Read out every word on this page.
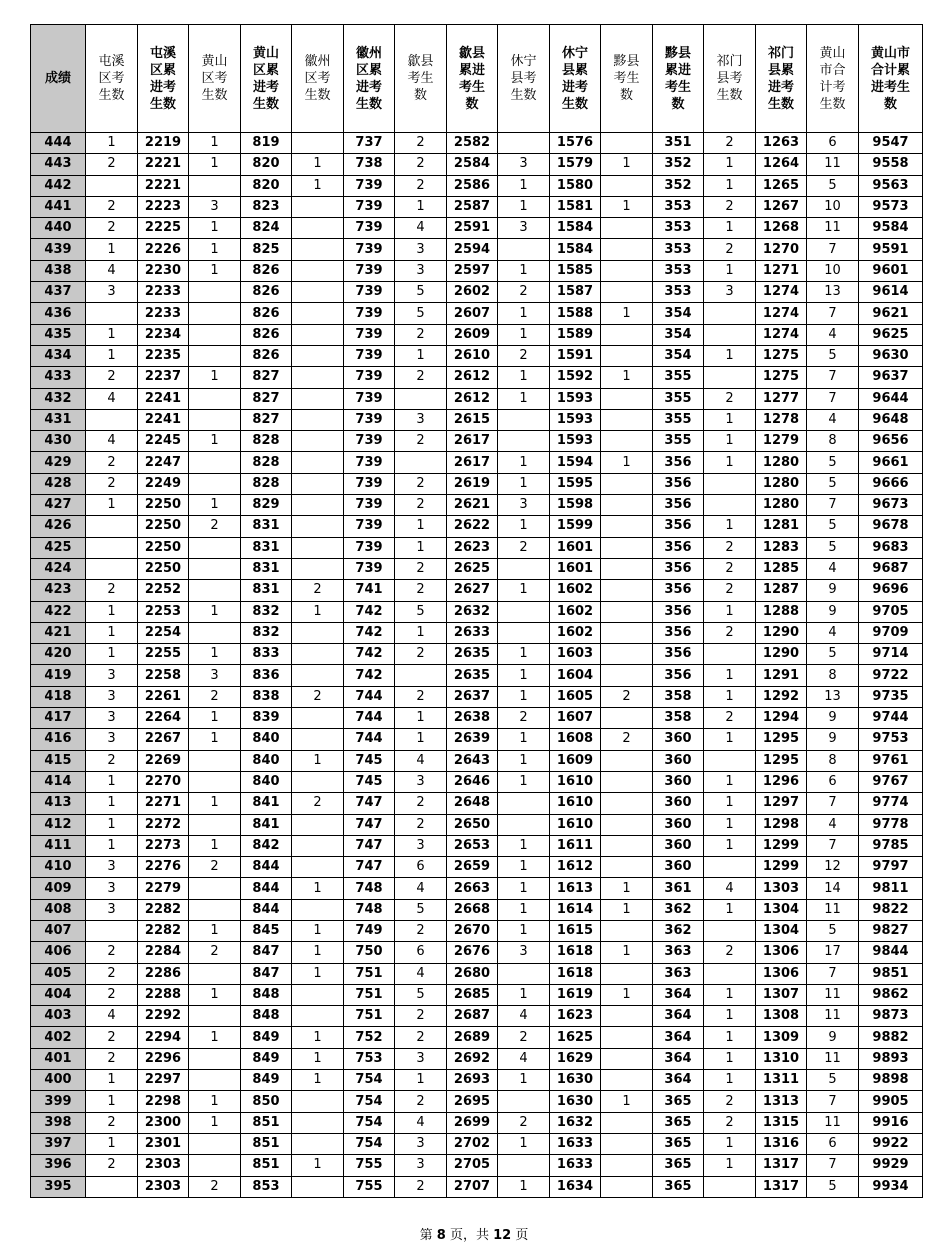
成绩	屯溪区考生数	屯溪区累进考生数	黄山区考生数	黄山区累进考生数	徽州区考生数	徽州区累进考生数	歙县考生数	歙县累进考生数	休宁县考生数	休宁县累进考生数	黟县考生数	黟县累进考生数	祁门县考生数	祁门县累进考生数	黄山市合计考生数	黄山市合计累进考生数
444	1	2219	1	819		737	2	2582		1576		351	2	1263	6	9547
443	2	2221	1	820	1	738	2	2584	3	1579	1	352	1	1264	11	9558
442		2221		820	1	739	2	2586	1	1580		352	1	1265	5	9563
441	2	2223	3	823		739	1	2587	1	1581	1	353	2	1267	10	9573
440	2	2225	1	824		739	4	2591	3	1584		353	1	1268	11	9584
439	1	2226	1	825		739	3	2594		1584		353	2	1270	7	9591
438	4	2230	1	826		739	3	2597	1	1585		353	1	1271	10	9601
437	3	2233		826		739	5	2602	2	1587		353	3	1274	13	9614
436		2233		826		739	5	2607	1	1588	1	354		1274	7	9621
435	1	2234		826		739	2	2609	1	1589		354		1274	4	9625
434	1	2235		826		739	1	2610	2	1591		354	1	1275	5	9630
433	2	2237	1	827		739	2	2612	1	1592	1	355		1275	7	9637
432	4	2241		827		739		2612	1	1593		355	2	1277	7	9644
431		2241		827		739	3	2615		1593		355	1	1278	4	9648
430	4	2245	1	828		739	2	2617		1593		355	1	1279	8	9656
429	2	2247		828		739		2617	1	1594	1	356	1	1280	5	9661
428	2	2249		828		739	2	2619	1	1595		356		1280	5	9666
427	1	2250	1	829		739	2	2621	3	1598		356		1280	7	9673
426		2250	2	831		739	1	2622	1	1599		356	1	1281	5	9678
425		2250		831		739	1	2623	2	1601		356	2	1283	5	9683
424		2250		831		739	2	2625		1601		356	2	1285	4	9687
423	2	2252		831	2	741	2	2627	1	1602		356	2	1287	9	9696
422	1	2253	1	832	1	742	5	2632		1602		356	1	1288	9	9705
421	1	2254		832		742	1	2633		1602		356	2	1290	4	9709
420	1	2255	1	833		742	2	2635	1	1603		356		1290	5	9714
419	3	2258	3	836		742		2635	1	1604		356	1	1291	8	9722
418	3	2261	2	838	2	744	2	2637	1	1605	2	358	1	1292	13	9735
417	3	2264	1	839		744	1	2638	2	1607		358	2	1294	9	9744
416	3	2267	1	840		744	1	2639	1	1608	2	360	1	1295	9	9753
415	2	2269		840	1	745	4	2643	1	1609		360		1295	8	9761
414	1	2270		840		745	3	2646	1	1610		360	1	1296	6	9767
413	1	2271	1	841	2	747	2	2648		1610		360	1	1297	7	9774
412	1	2272		841		747	2	2650		1610		360	1	1298	4	9778
411	1	2273	1	842		747	3	2653	1	1611		360	1	1299	7	9785
410	3	2276	2	844		747	6	2659	1	1612		360		1299	12	9797
409	3	2279		844	1	748	4	2663	1	1613	1	361	4	1303	14	9811
408	3	2282		844		748	5	2668	1	1614	1	362	1	1304	11	9822
407		2282	1	845	1	749	2	2670	1	1615		362		1304	5	9827
406	2	2284	2	847	1	750	6	2676	3	1618	1	363	2	1306	17	9844
405	2	2286		847	1	751	4	2680		1618		363		1306	7	9851
404	2	2288	1	848		751	5	2685	1	1619	1	364	1	1307	11	9862
403	4	2292		848		751	2	2687	4	1623		364	1	1308	11	9873
402	2	2294	1	849	1	752	2	2689	2	1625		364	1	1309	9	9882
401	2	2296		849	1	753	3	2692	4	1629		364	1	1310	11	9893
400	1	2297		849	1	754	1	2693	1	1630		364	1	1311	5	9898
399	1	2298	1	850		754	2	2695		1630	1	365	2	1313	7	9905
398	2	2300	1	851		754	4	2699	2	1632		365	2	1315	11	9916
397	1	2301		851		754	3	2702	1	1633		365	1	1316	6	9922
396	2	2303		851	1	755	3	2705		1633		365	1	1317	7	9929
395		2303	2	853		755	2	2707	1	1634		365		1317	5	9934
第 8 页，共 12 页
